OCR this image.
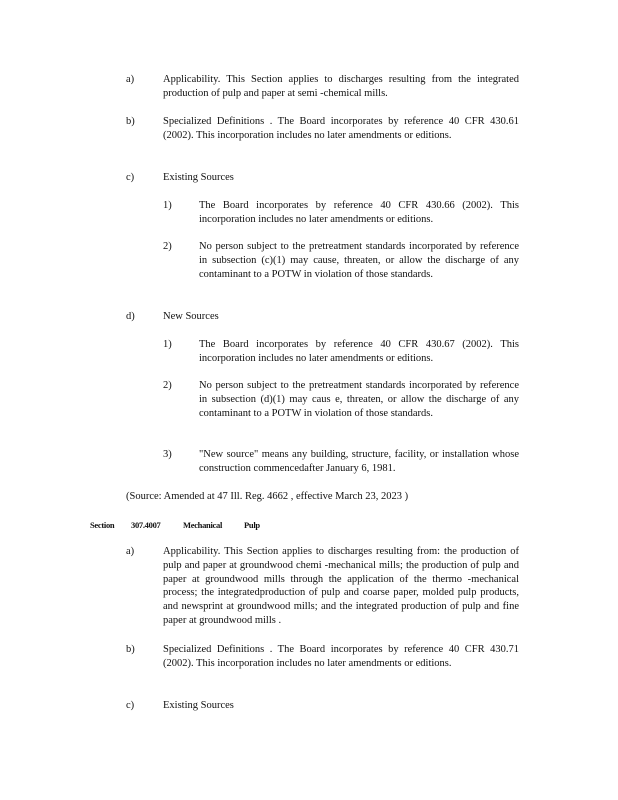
a)	Applicability. This Section applies to discharges resulting from the integrated production of pulp and paper at semi -chemical mills.
b)	Specialized Definitions . The Board incorporates by reference 40 CFR 430.61 (2002). This incorporation includes no later amendments or editions.
c)	Existing Sources
1)	The Board incorporates by reference 40 CFR 430.66 (2002). This incorporation includes no later amendments or editions.
2)	No person subject to the pretreatment standards incorporated by reference in subsection (c)(1) may cause, threaten, or allow the discharge of any contaminant to a POTW in violation of those standards.
d)	New Sources
1)	The Board incorporates by reference 40 CFR 430.67 (2002). This incorporation includes no later amendments or editions.
2)	No person subject to the pretreatment standards incorporated by reference in subsection (d)(1) may caus e, threaten, or allow the discharge of any contaminant to a POTW in violation of those standards.
3)	"New source" means any building, structure, facility, or installation whose construction commencedafter January 6, 1981.
(Source: Amended at 47 Ill. Reg. 4662 , effective March 23, 2023 )
Section 307.4007	Mechanical	Pulp
a)	Applicability. This Section applies to discharges resulting from: the production of pulp and paper at groundwood chemi -mechanical mills; the production of pulp and paper at groundwood mills through the application of the thermo -mechanical process; the integratedproduction of pulp and coarse paper, molded pulp products, and newsprint at groundwood mills; and the integrated production of pulp and fine paper at groundwood mills .
b)	Specialized Definitions . The Board incorporates by reference 40 CFR 430.71 (2002). This incorporation includes no later amendments or editions.
c)	Existing Sources
